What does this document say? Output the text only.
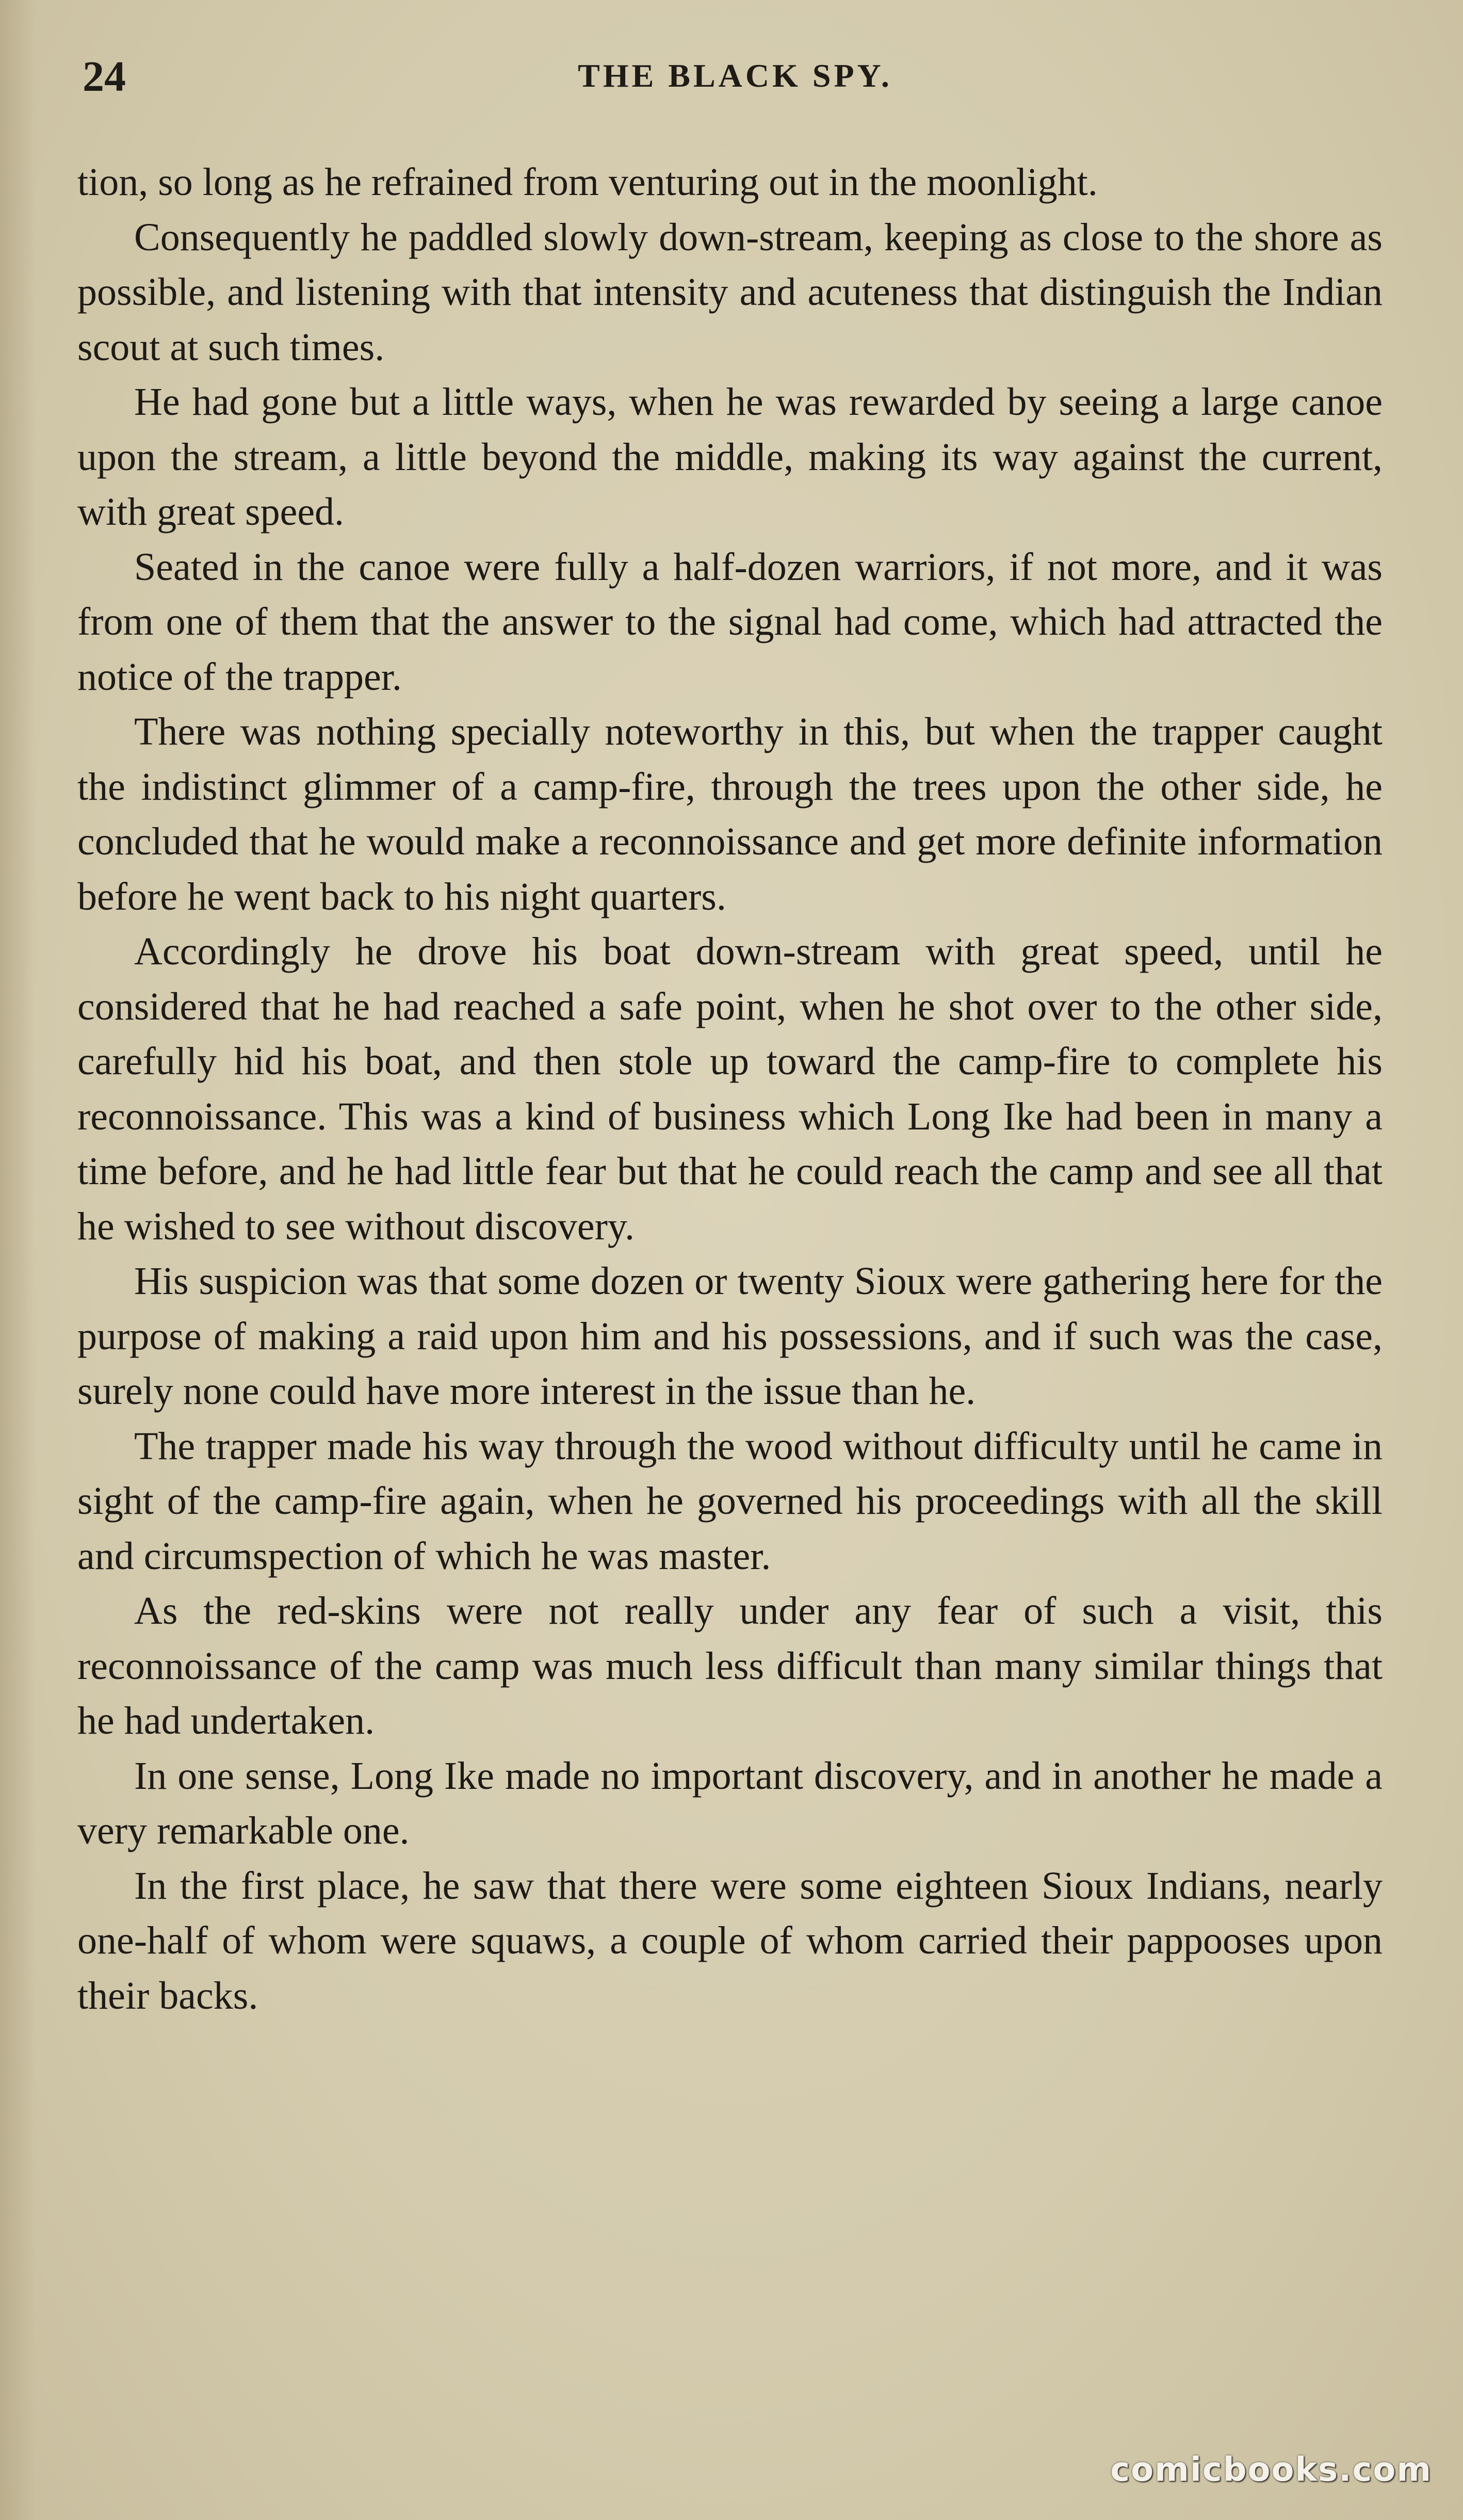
24	THE BLACK SPY.

tion, so long as he refrained from venturing out in the moonlight.

Consequently he paddled slowly down-stream, keeping as close to the shore as possible, and listening with that intensity and acuteness that distinguish the Indian scout at such times.

He had gone but a little ways, when he was rewarded by seeing a large canoe upon the stream, a little beyond the middle, making its way against the current, with great speed.

Seated in the canoe were fully a half-dozen warriors, if not more, and it was from one of them that the answer to the signal had come, which had attracted the notice of the trapper.

There was nothing specially noteworthy in this, but when the trapper caught the indistinct glimmer of a camp-fire, through the trees upon the other side, he concluded that he would make a reconnoissance and get more definite information before he went back to his night quarters.

Accordingly he drove his boat down-stream with great speed, until he considered that he had reached a safe point, when he shot over to the other side, carefully hid his boat, and then stole up toward the camp-fire to complete his reconnoissance. This was a kind of business which Long Ike had been in many a time before, and he had little fear but that he could reach the camp and see all that he wished to see without discovery.

His suspicion was that some dozen or twenty Sioux were gathering here for the purpose of making a raid upon him and his possessions, and if such was the case, surely none could have more interest in the issue than he.

The trapper made his way through the wood without difficulty until he came in sight of the camp-fire again, when he governed his proceedings with all the skill and circumspection of which he was master.

As the red-skins were not really under any fear of such a visit, this reconnoissance of the camp was much less difficult than many similar things that he had undertaken.

In one sense, Long Ike made no important discovery, and in another he made a very remarkable one.

In the first place, he saw that there were some eighteen Sioux Indians, nearly one-half of whom were squaws, a couple of whom carried their pappooses upon their backs.

comicbooks.com
